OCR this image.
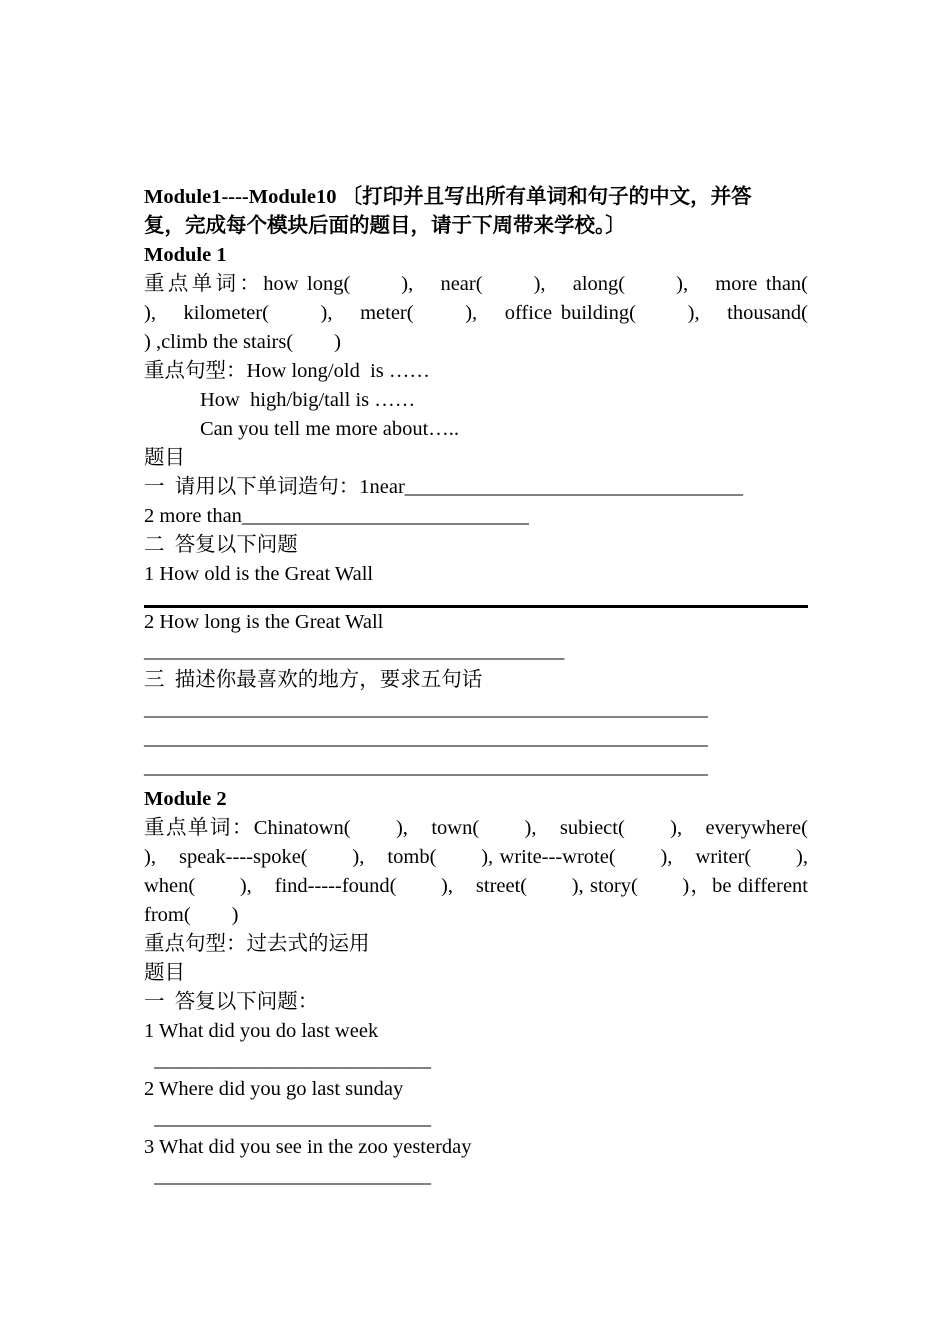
Module1----Module10 〔打印并且写出所有单词和句子的中文，并答
复，完成每个模块后面的题目，请于下周带来学校。〕
Module 1
重点单词：how long(　　),　near(　　),　along(　　),　more than(
),　kilometer(　　),　meter(　　),　office building(　　),　thousand(
) ,climb the stairs(　　)
重点句型：How long/old  is ……
How  high/big/tall is ……
Can you tell me more about…..
题目
一  请用以下单词造句：1near_________________________________
2 more than____________________________
二  答复以下问题
1 How old is the Great Wall
2 How long is the Great Wall
_________________________________________
三  描述你最喜欢的地方，要求五句话
_______________________________________________________
_______________________________________________________
_______________________________________________________
Module 2
重点单词：Chinatown(　　),　town(　　),　subiect(　　),　everywhere(
),　speak----spoke(　　),　tomb(　　), write---wrote(　　),　writer(　　),
when(　　),　find-----found(　　),　street(　　), story(　　)，be different
from(　　)
重点句型：过去式的运用
题目
一  答复以下问题：
1 What did you do last week
___________________________
2 Where did you go last sunday
___________________________
3 What did you see in the zoo yesterday
___________________________
